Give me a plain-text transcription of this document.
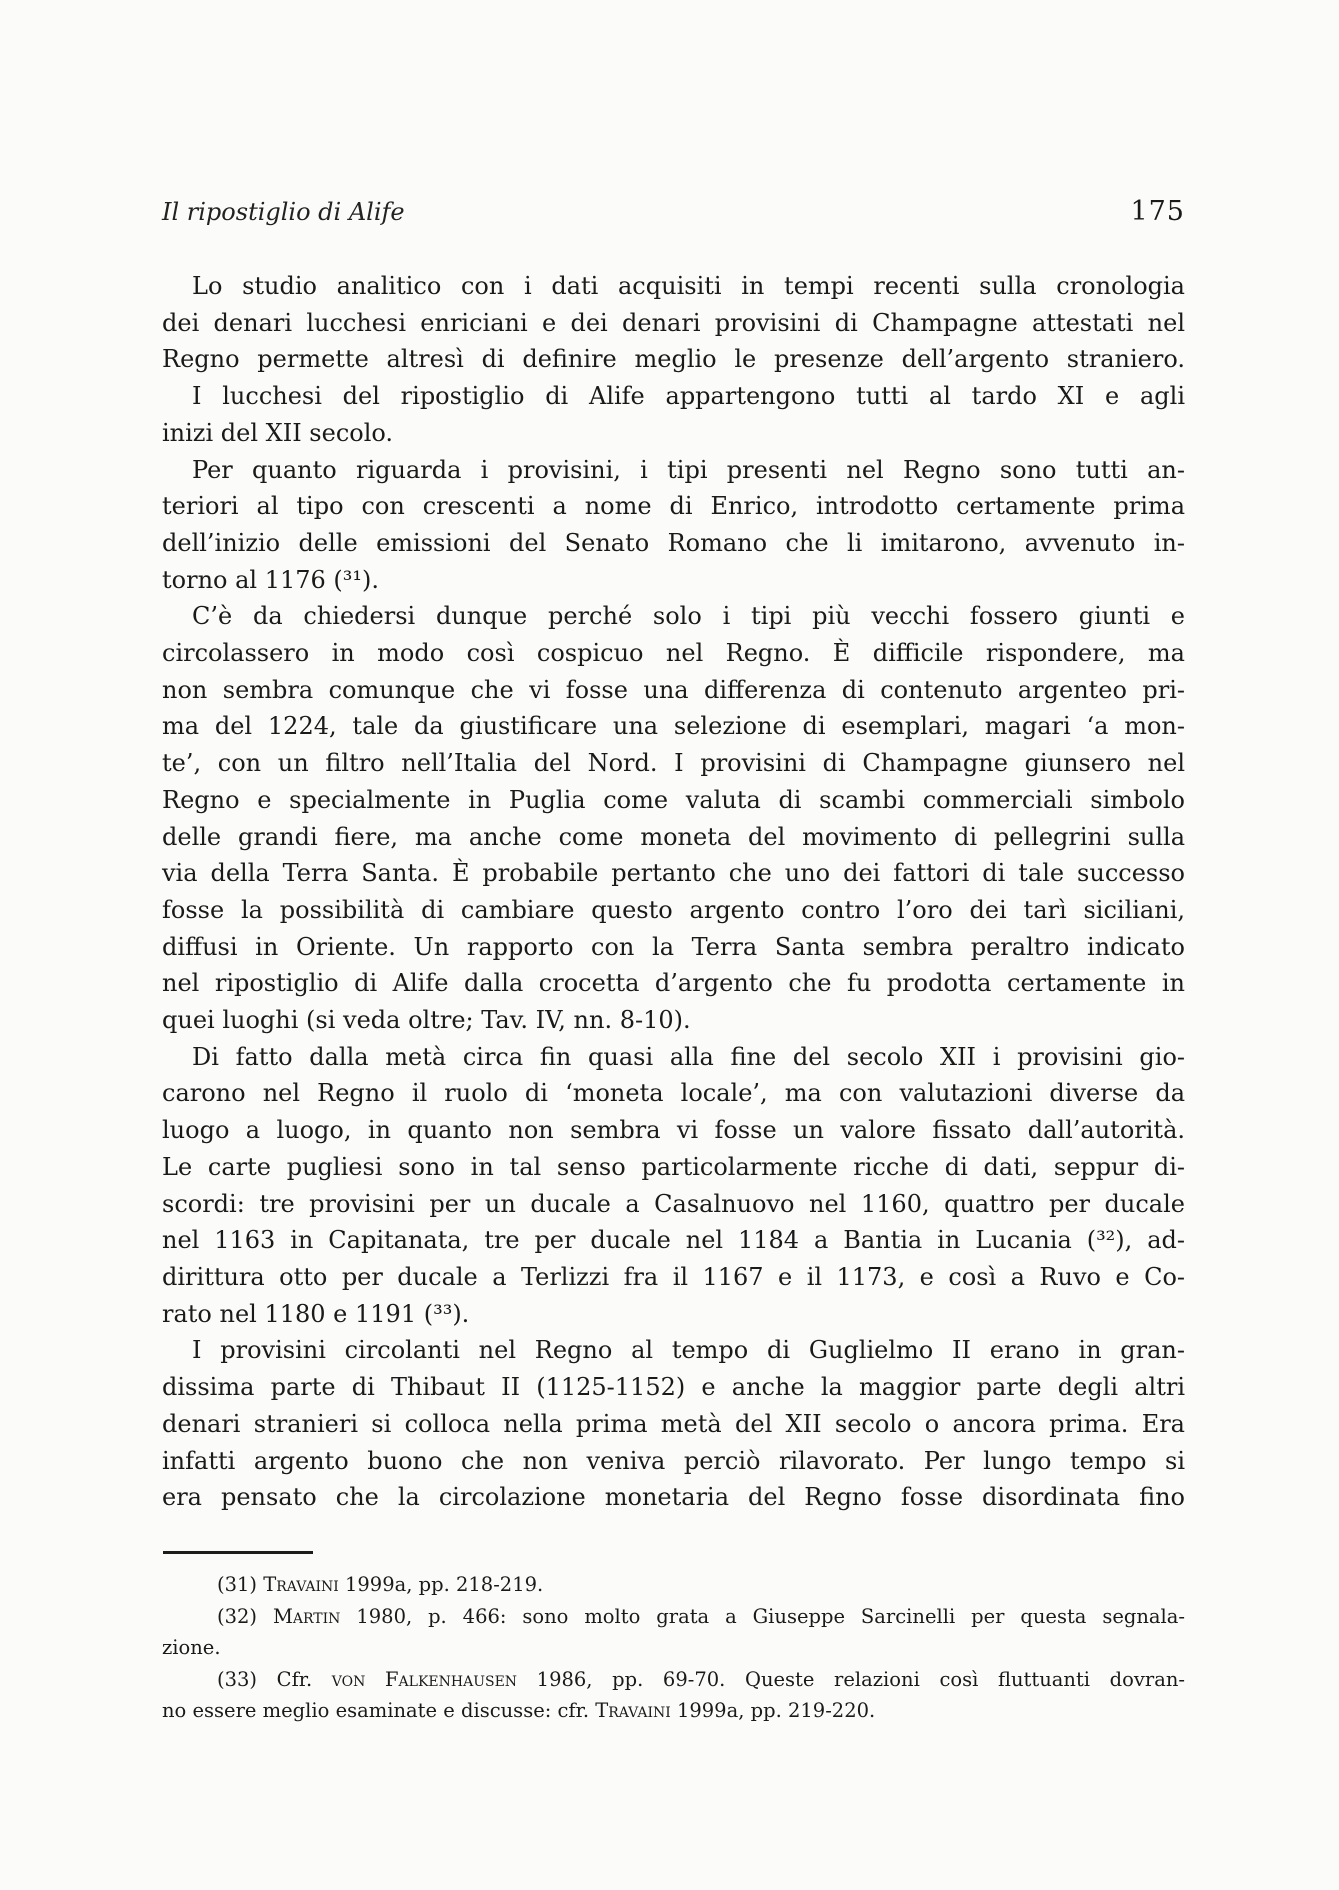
Il ripostiglio di Alife	175
Lo studio analitico con i dati acquisiti in tempi recenti sulla cronologia
dei denari lucchesi enriciani e dei denari provisini di Champagne attestati nel
Regno permette altresì di definire meglio le presenze dell’argento straniero.
I lucchesi del ripostiglio di Alife appartengono tutti al tardo XI e agli
inizi del XII secolo.
Per quanto riguarda i provisini, i tipi presenti nel Regno sono tutti an-
teriori al tipo con crescenti a nome di Enrico, introdotto certamente prima
dell’inizio delle emissioni del Senato Romano che li imitarono, avvenuto in-
torno al 1176 (³¹).
C’è da chiedersi dunque perché solo i tipi più vecchi fossero giunti e
circolassero in modo così cospicuo nel Regno. È difficile rispondere, ma
non sembra comunque che vi fosse una differenza di contenuto argenteo pri-
ma del 1224, tale da giustificare una selezione di esemplari, magari ‘a mon-
te’, con un filtro nell’Italia del Nord. I provisini di Champagne giunsero nel
Regno e specialmente in Puglia come valuta di scambi commerciali simbolo
delle grandi fiere, ma anche come moneta del movimento di pellegrini sulla
via della Terra Santa. È probabile pertanto che uno dei fattori di tale successo
fosse la possibilità di cambiare questo argento contro l’oro dei tarì siciliani,
diffusi in Oriente. Un rapporto con la Terra Santa sembra peraltro indicato
nel ripostiglio di Alife dalla crocetta d’argento che fu prodotta certamente in
quei luoghi (si veda oltre; Tav. IV, nn. 8-10).
Di fatto dalla metà circa fin quasi alla fine del secolo XII i provisini gio-
carono nel Regno il ruolo di ‘moneta locale’, ma con valutazioni diverse da
luogo a luogo, in quanto non sembra vi fosse un valore fissato dall’autorità.
Le carte pugliesi sono in tal senso particolarmente ricche di dati, seppur di-
scordi: tre provisini per un ducale a Casalnuovo nel 1160, quattro per ducale
nel 1163 in Capitanata, tre per ducale nel 1184 a Bantia in Lucania (³²), ad-
dirittura otto per ducale a Terlizzi fra il 1167 e il 1173, e così a Ruvo e Co-
rato nel 1180 e 1191 (³³).
I provisini circolanti nel Regno al tempo di Guglielmo II erano in gran-
dissima parte di Thibaut II (1125-1152) e anche la maggior parte degli altri
denari stranieri si colloca nella prima metà del XII secolo o ancora prima. Era
infatti argento buono che non veniva perciò rilavorato. Per lungo tempo si
era pensato che la circolazione monetaria del Regno fosse disordinata fino
(31) Travaini 1999a, pp. 218-219.
(32) Martin 1980, p. 466: sono molto grata a Giuseppe Sarcinelli per questa segnala-
zione.
(33) Cfr. von Falkenhausen 1986, pp. 69-70. Queste relazioni così fluttuanti dovran-
no essere meglio esaminate e discusse: cfr. Travaini 1999a, pp. 219-220.
